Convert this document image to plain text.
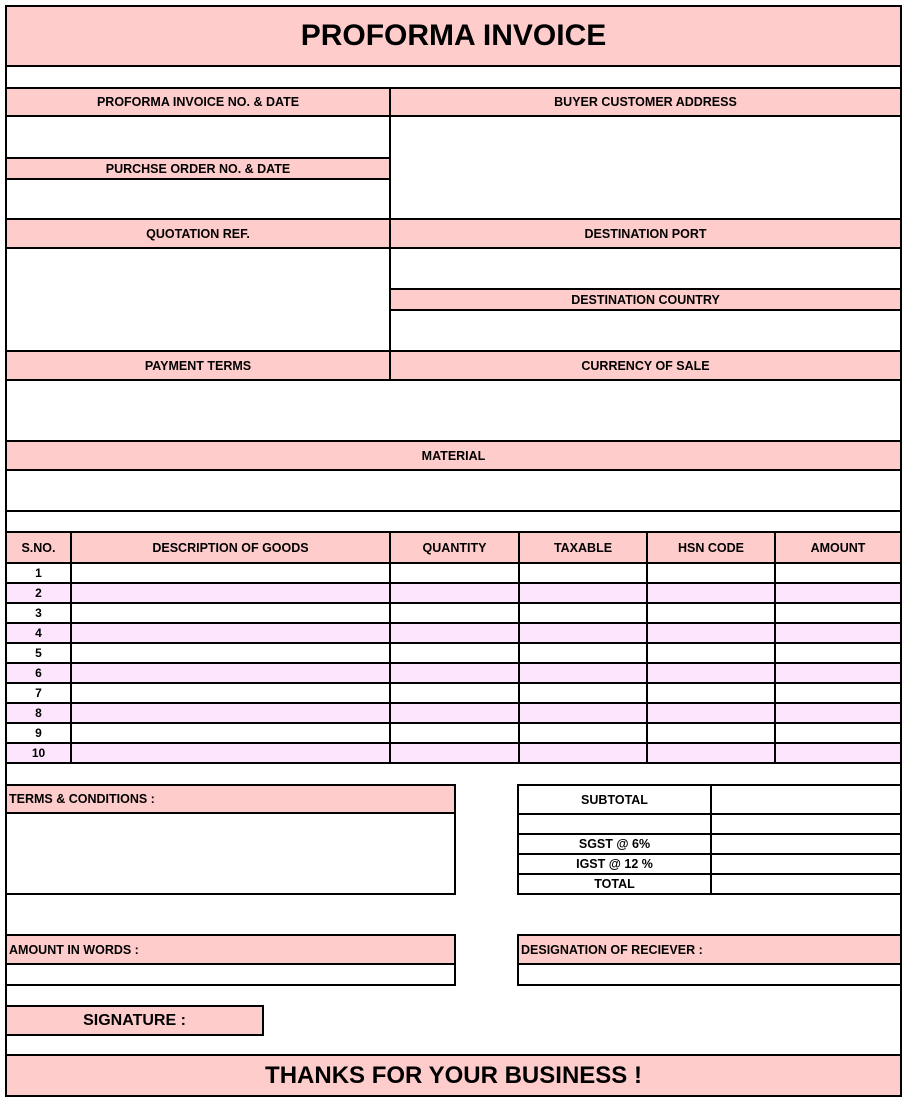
PROFORMA INVOICE
PROFORMA INVOICE NO. & DATE	BUYER CUSTOMER ADDRESS
PURCHSE ORDER NO. & DATE
QUOTATION REF.	DESTINATION PORT
DESTINATION COUNTRY
PAYMENT TERMS	CURRENCY OF SALE
MATERIAL
S.NO.	DESCRIPTION OF GOODS	QUANTITY	TAXABLE	HSN CODE	AMOUNT
1
2
3
4
5
6
7
8
9
10
TERMS & CONDITIONS :	SUBTOTAL
SGST @ 6%
IGST @ 12 %
TOTAL
AMOUNT IN WORDS :	DESIGNATION OF RECIEVER :
SIGNATURE :
THANKS FOR YOUR BUSINESS !
